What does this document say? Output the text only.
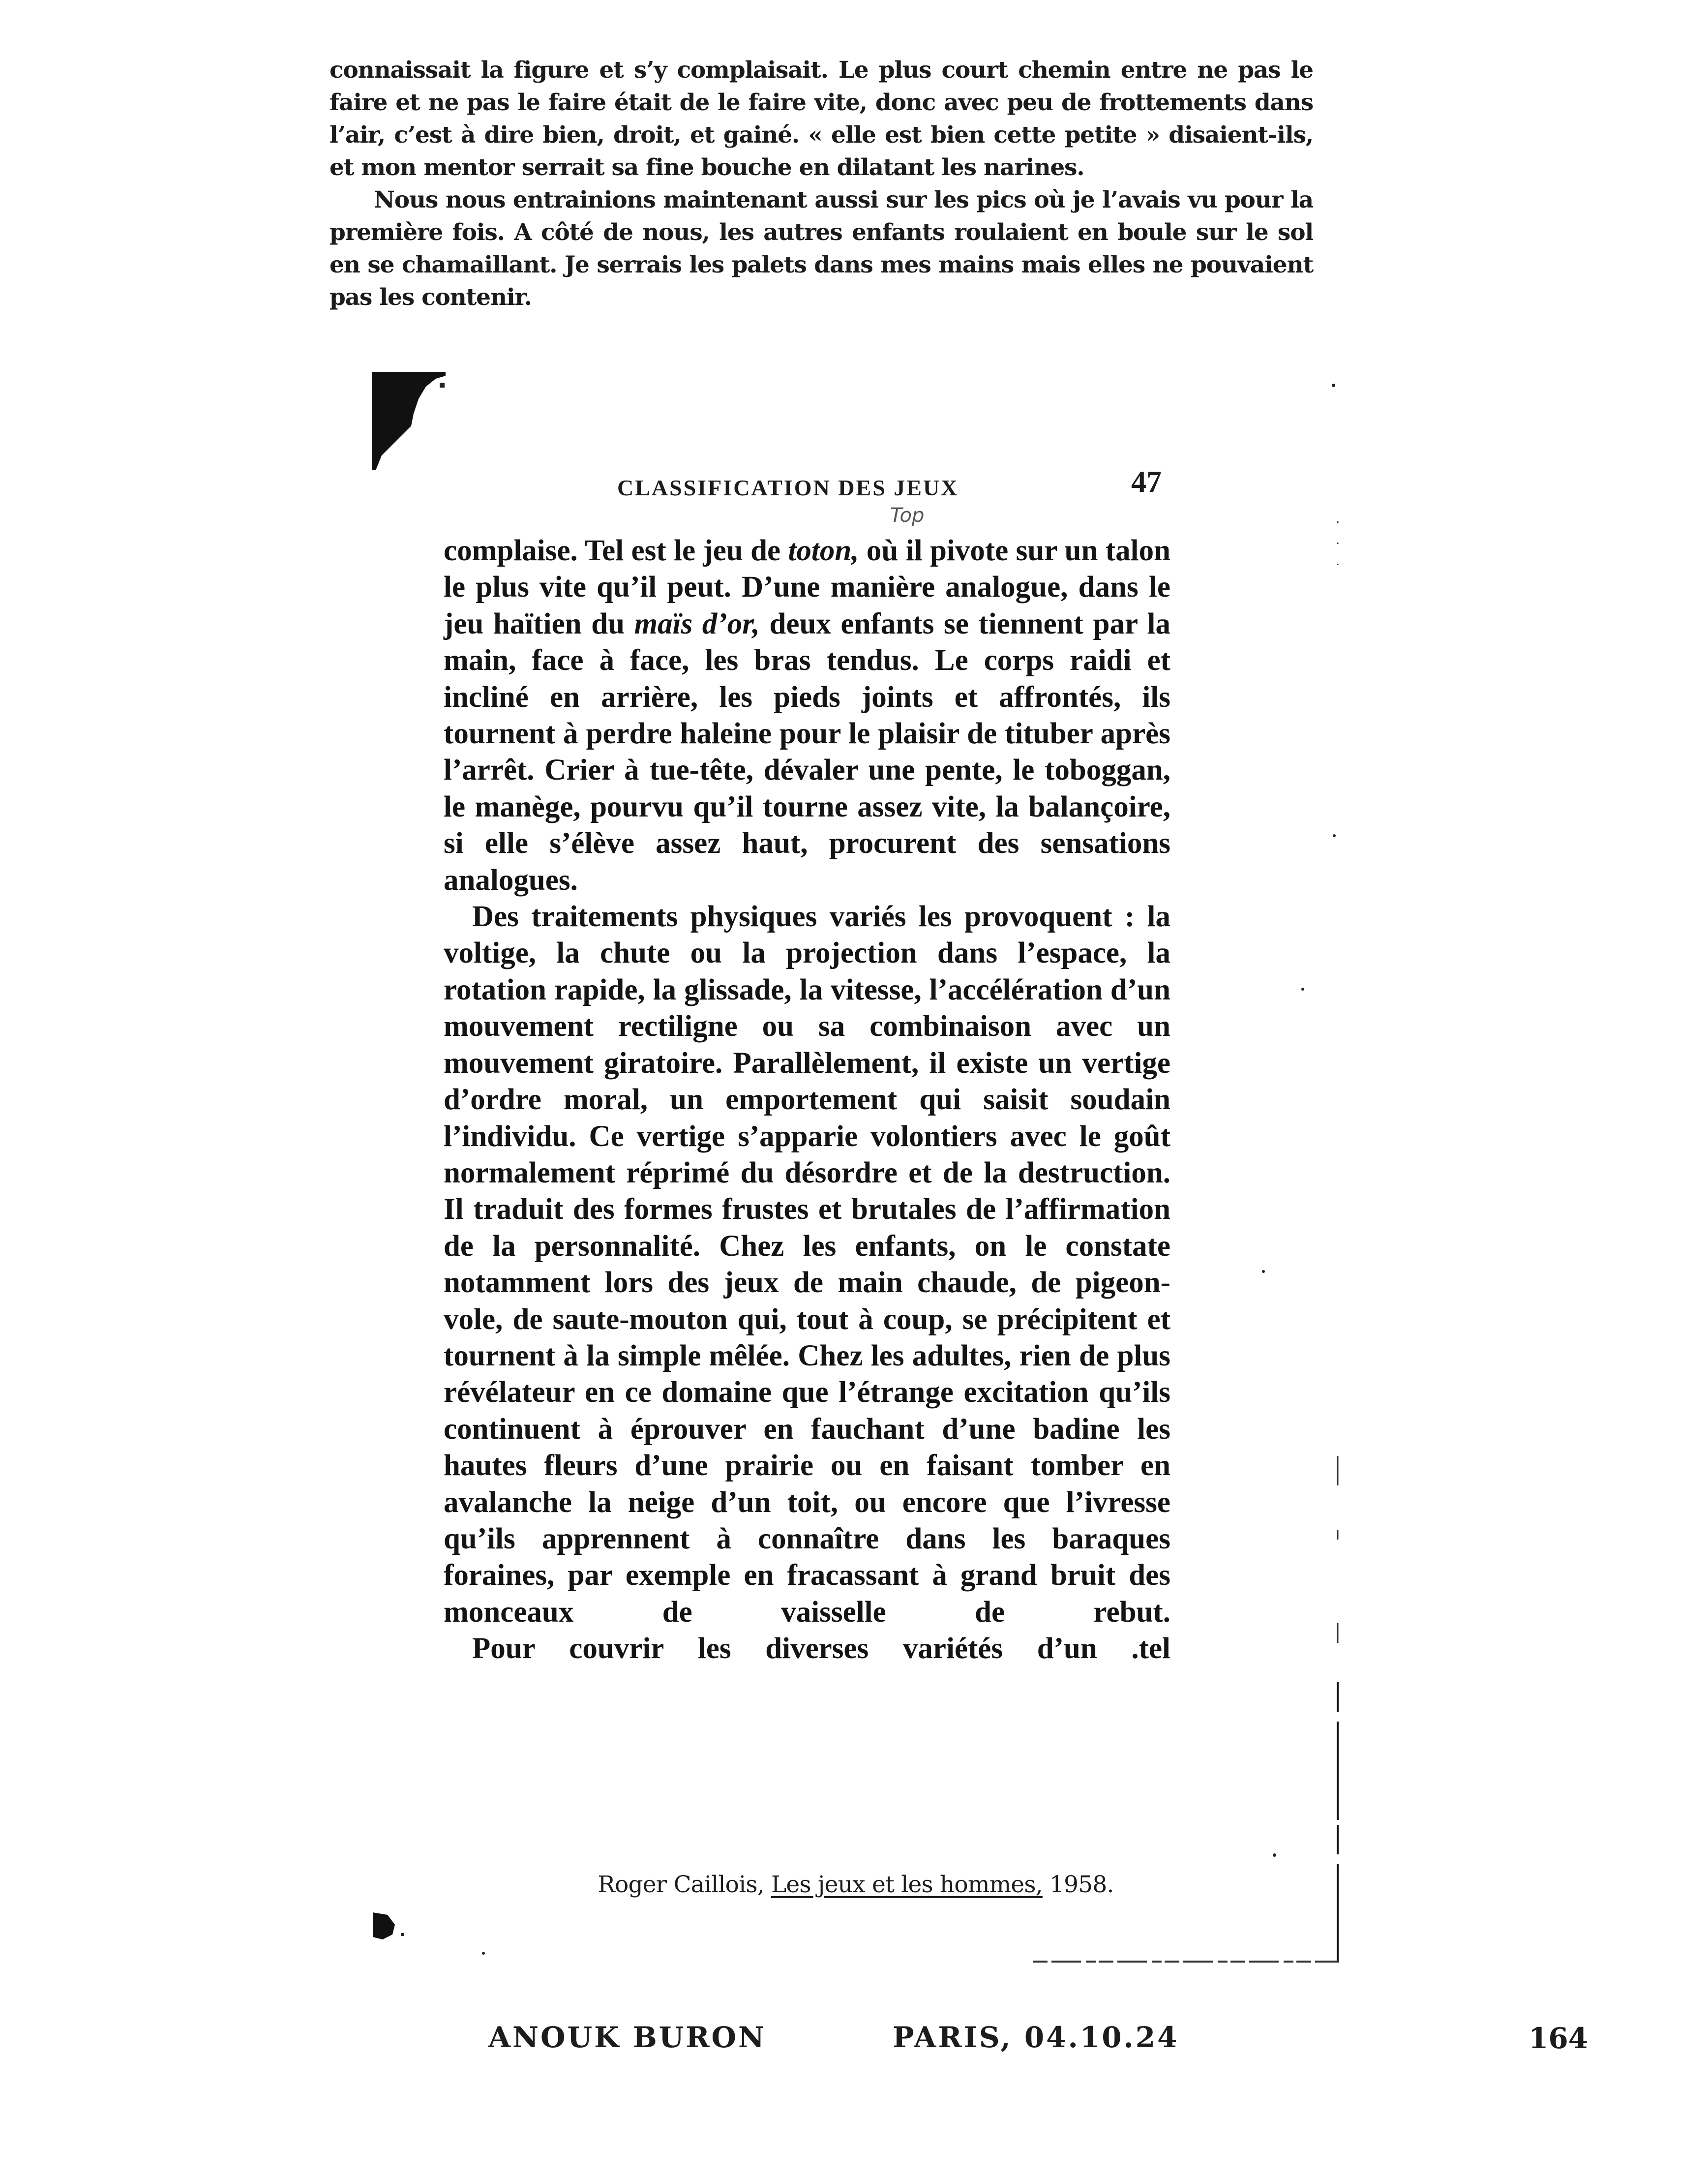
connaissait la figure et s’y complaisait. Le plus court chemin entre ne pas le faire et ne pas le faire était de le faire vite, donc avec peu de frottements dans l’air, c’est à dire bien, droit, et gainé. « elle est bien cette petite » disaient-ils, et mon mentor serrait sa fine bouche en dilatant les narines.

Nous nous entrainions maintenant aussi sur les pics où je l’avais vu pour la première fois. A côté de nous, les autres enfants roulaient en boule sur le sol en se chamaillant. Je serrais les palets dans mes mains mais elles ne pouvaient pas les contenir.

CLASSIFICATION DES JEUX	47
Top

complaise. Tel est le jeu de toton, où il pivote sur un talon le plus vite qu’il peut. D’une manière analogue, dans le jeu haïtien du maïs d’or, deux enfants se tiennent par la main, face à face, les bras tendus. Le corps raidi et incliné en arrière, les pieds joints et affrontés, ils tournent à perdre haleine pour le plaisir de tituber après l’arrêt. Crier à tue-tête, dévaler une pente, le toboggan, le manège, pourvu qu’il tourne assez vite, la balançoire, si elle s’élève assez haut, procurent des sensations analogues.

Des traitements physiques variés les provoquent : la voltige, la chute ou la projection dans l’espace, la rotation rapide, la glissade, la vitesse, l’accélération d’un mouvement rectiligne ou sa combinaison avec un mouvement giratoire. Parallèlement, il existe un vertige d’ordre moral, un emportement qui saisit soudain l’individu. Ce vertige s’apparie volontiers avec le goût normalement réprimé du désordre et de la destruction. Il traduit des formes frustes et brutales de l’affirmation de la personnalité. Chez les enfants, on le constate notamment lors des jeux de main chaude, de pigeon-vole, de saute-mouton qui, tout à coup, se précipitent et tournent à la simple mêlée. Chez les adultes, rien de plus révélateur en ce domaine que l’étrange excitation qu’ils continuent à éprouver en fauchant d’une badine les hautes fleurs d’une prairie ou en faisant tomber en avalanche la neige d’un toit, ou encore que l’ivresse qu’ils apprennent à connaître dans les baraques foraines, par exemple en fracassant à grand bruit des monceaux de vaisselle de rebut.

Pour couvrir les diverses variétés d’un .tel

Roger Caillois, Les jeux et les hommes, 1958.
ANOUK BURON	PARIS, 04.10.24	164
